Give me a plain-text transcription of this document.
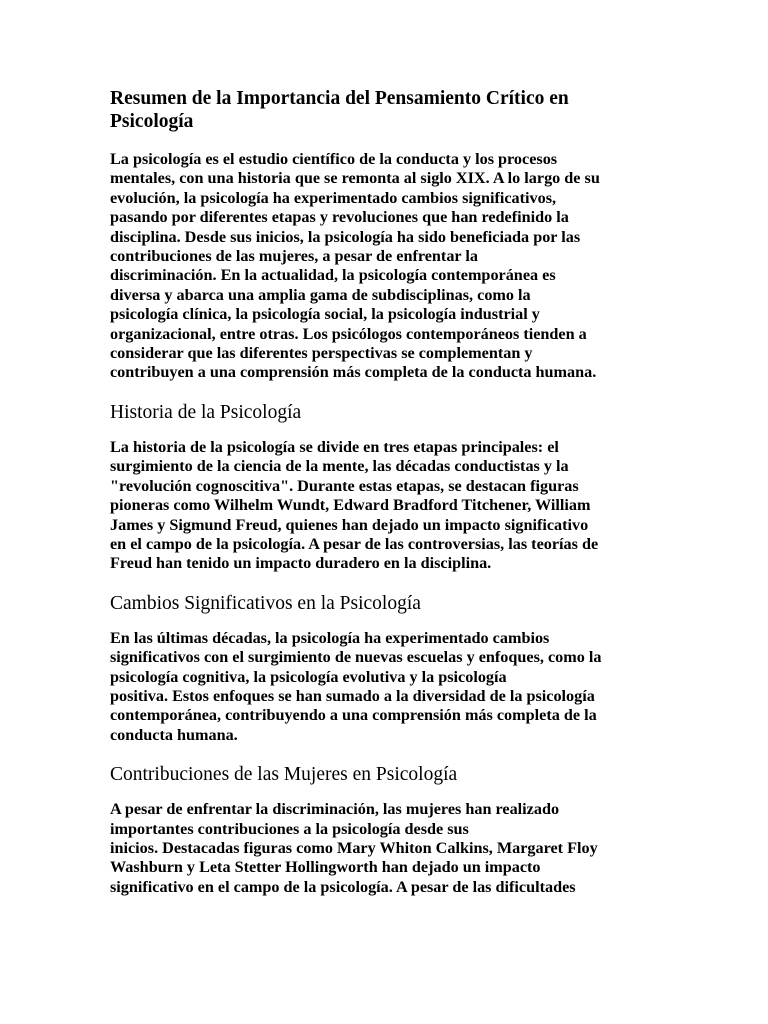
Resumen de la Importancia del Pensamiento Crítico en
Psicología

La psicología es el estudio científico de la conducta y los procesos
mentales, con una historia que se remonta al siglo XIX. A lo largo de su
evolución, la psicología ha experimentado cambios significativos,
pasando por diferentes etapas y revoluciones que han redefinido la
disciplina. Desde sus inicios, la psicología ha sido beneficiada por las
contribuciones de las mujeres, a pesar de enfrentar la
discriminación. En la actualidad, la psicología contemporánea es
diversa y abarca una amplia gama de subdisciplinas, como la
psicología clínica, la psicología social, la psicología industrial y
organizacional, entre otras. Los psicólogos contemporáneos tienden a
considerar que las diferentes perspectivas se complementan y
contribuyen a una comprensión más completa de la conducta humana.

Historia de la Psicología

La historia de la psicología se divide en tres etapas principales: el
surgimiento de la ciencia de la mente, las décadas conductistas y la
"revolución cognoscitiva". Durante estas etapas, se destacan figuras
pioneras como Wilhelm Wundt, Edward Bradford Titchener, William
James y Sigmund Freud, quienes han dejado un impacto significativo
en el campo de la psicología. A pesar de las controversias, las teorías de
Freud han tenido un impacto duradero en la disciplina.

Cambios Significativos en la Psicología

En las últimas décadas, la psicología ha experimentado cambios
significativos con el surgimiento de nuevas escuelas y enfoques, como la
psicología cognitiva, la psicología evolutiva y la psicología
positiva. Estos enfoques se han sumado a la diversidad de la psicología
contemporánea, contribuyendo a una comprensión más completa de la
conducta humana.

Contribuciones de las Mujeres en Psicología

A pesar de enfrentar la discriminación, las mujeres han realizado
importantes contribuciones a la psicología desde sus
inicios. Destacadas figuras como Mary Whiton Calkins, Margaret Floy
Washburn y Leta Stetter Hollingworth han dejado un impacto
significativo en el campo de la psicología. A pesar de las dificultades
